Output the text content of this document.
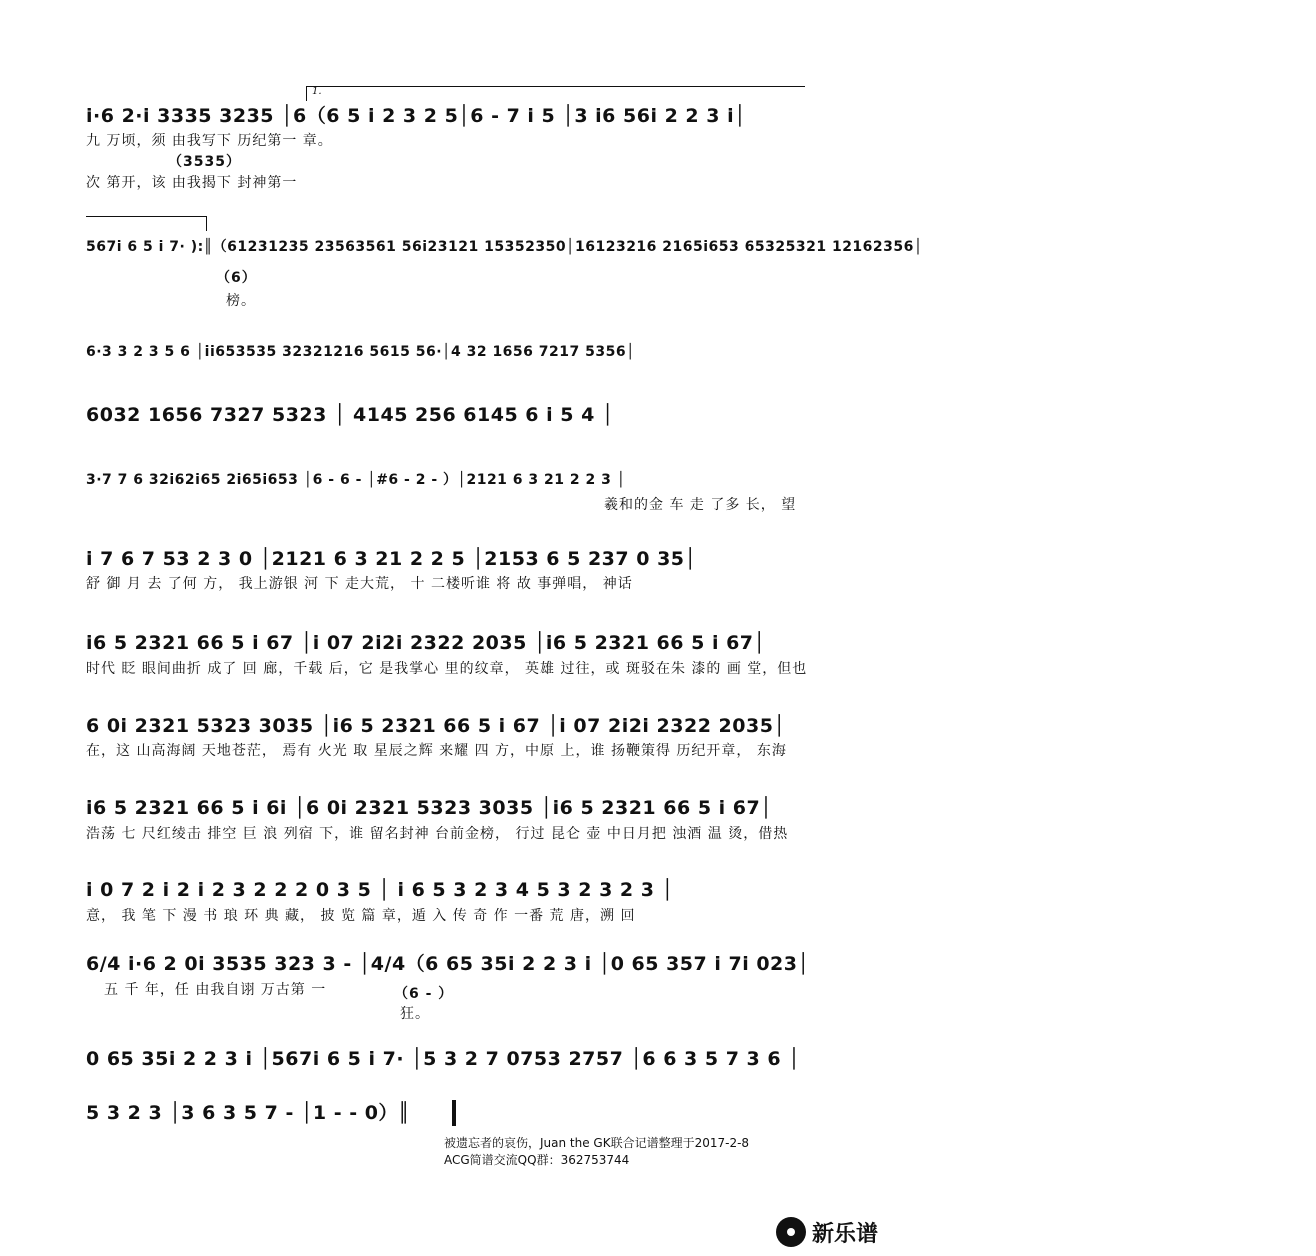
1.
i·6 2·i 3335 3235 │6（6 5 i 2 3 2 5│6 - 7 i 5 │3 i6 56i 2 2 3 i│
九 万顷，须 由我写下 历纪第一 章。
（3535）
次 第开，该 由我揭下 封神第一
567i 6 5 i 7· ):║（61231235 23563561 56i23121 15352350│16123216 2165i653 65325321 12162356│
（6）
榜。
6·3 3 2 3 5 6 │ii653535 32321216 5615 56·│4 32 1656 7217 5356│
6032 1656 7327 5323 │ 4145 256 6145 6 i 5 4 │
3·7 7 6 32i62i65 2i65i653 │6 - 6 - │#6 - 2 - ）│2121 6 3 21 2 2 3 │
羲和的金 车 走 了多 长， 望
i 7 6 7 53 2 3 0 │2121 6 3 21 2 2 5 │2153 6 5 237 0 35│
舒 御 月 去 了何 方， 我上游银 河 下 走大荒， 十 二楼听谁 将 故 事弹唱， 神话
i6 5 2321 66 5 i 67 │i 07 2i2i 2322 2035 │i6 5 2321 66 5 i 67│
时代 眨 眼间曲折 成了 回 廊，千载 后，它 是我掌心 里的纹章， 英雄 过往，或 斑驳在朱 漆的 画 堂，但也
6 0i 2321 5323 3035 │i6 5 2321 66 5 i 67 │i 07 2i2i 2322 2035│
在，这 山高海阔 天地苍茫， 焉有 火光 取 星辰之辉 来耀 四 方，中原 上，谁 扬鞭策得 历纪开章， 东海
i6 5 2321 66 5 i 6i │6 0i 2321 5323 3035 │i6 5 2321 66 5 i 67│
浩荡 七 尺红绫击 排空 巨 浪 列宿 下，谁 留名封神 台前金榜， 行过 昆仑 壶 中日月把 浊酒 温 烫，借热
i 0 7 2 i 2 i 2 3 2 2 2 0 3 5 │ i 6 5 3 2 3 4 5 3 2 3 2 3 │
意， 我 笔 下 漫 书 琅 环 典 藏， 披 览 篇 章，遁 入 传 奇 作 一番 荒 唐，溯 回
6/4 i·6 2 0i 3535 323 3 - │4/4（6 65 35i 2 2 3 i │0 65 357 i 7i 023│
五 千 年，任 由我自诩 万古第 一	（6 - ）
狂。
0 65 35i 2 2 3 i │567i 6 5 i 7· │5 3 2 7 0753 2757 │6 6 3 5 7 3 6 │
5 3 2 3 │3 6 3 5 7 - │1 - - 0）║
被遗忘者的哀伤，Juan the GK联合记谱整理于2017-2-8
ACG简谱交流QQ群：362753744
新乐谱
